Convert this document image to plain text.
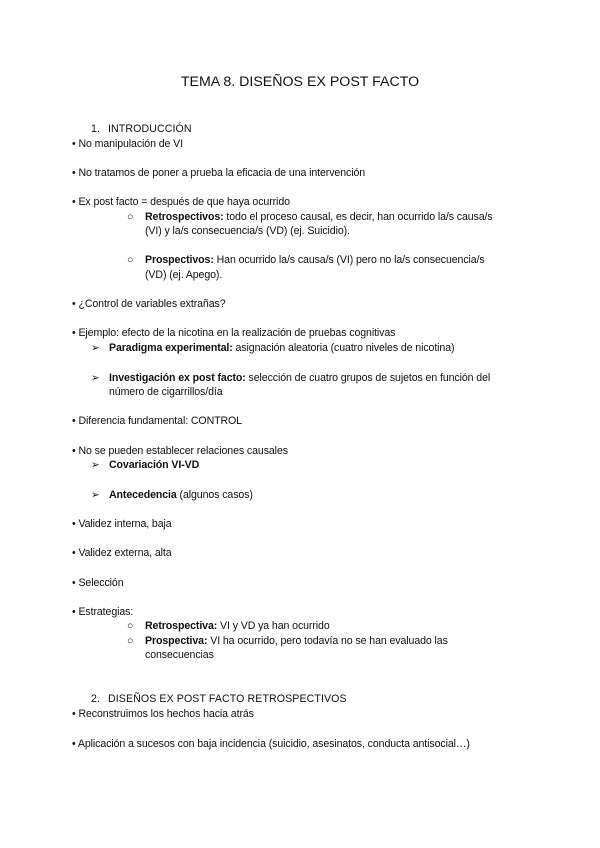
TEMA 8. DISEÑOS EX POST FACTO
1. INTRODUCCIÓN
• No manipulación de VI
• No tratamos de poner a prueba la eficacia de una intervención
• Ex post facto = después de que haya ocurrido
○ Retrospectivos: todo el proceso causal, es decir, han ocurrido la/s causa/s
(VI) y la/s consecuencia/s (VD) (ej. Suicidio).
○ Prospectivos: Han ocurrido la/s causa/s (VI) pero no la/s consecuencia/s
(VD) (ej. Apego).
• ¿Control de variables extrañas?
• Ejemplo: efecto de la nicotina en la realización de pruebas cognitivas
➢ Paradigma experimental: asignación aleatoria (cuatro niveles de nicotina)
➢ Investigación ex post facto: selección de cuatro grupos de sujetos en función del
número de cigarrillos/día
• Diferencia fundamental: CONTROL
• No se pueden establecer relaciones causales
➢ Covariación VI-VD
➢ Antecedencia (algunos casos)
• Validez interna, baja
• Validez externa, alta
• Selección
• Estrategias:
○ Retrospectiva: VI y VD ya han ocurrido
○ Prospectiva: VI ha ocurrido, pero todavía no se han evaluado las
consecuencias
2. DISEÑOS EX POST FACTO RETROSPECTIVOS
• Reconstruimos los hechos hacia atrás
• Aplicación a sucesos con baja incidencia (suicidio, asesinatos, conducta antisocial…)
